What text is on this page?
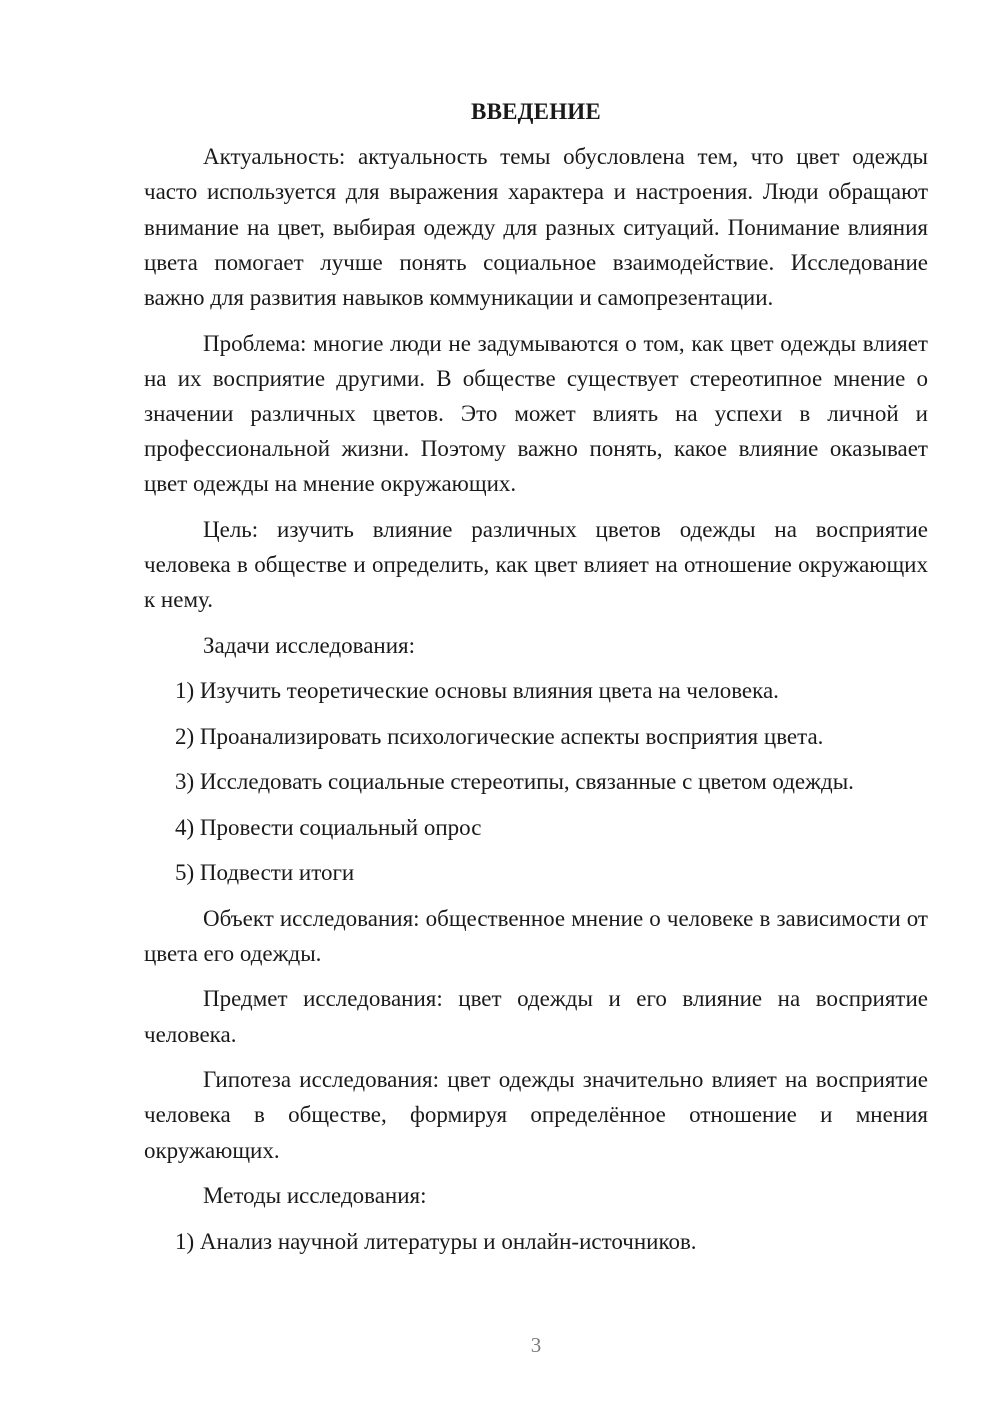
ВВЕДЕНИЕ

Актуальность: актуальность темы обусловлена тем, что цвет одежды часто используется для выражения характера и настроения. Люди обращают внимание на цвет, выбирая одежду для разных ситуаций. Понимание влияния цвета помогает лучше понять социальное взаимодействие. Исследование важно для развития навыков коммуникации и самопрезентации.

Проблема: многие люди не задумываются о том, как цвет одежды влияет на их восприятие другими. В обществе существует стереотипное мнение о значении различных цветов. Это может влиять на успехи в личной и профессиональной жизни. Поэтому важно понять, какое влияние оказывает цвет одежды на мнение окружающих.

Цель: изучить влияние различных цветов одежды на восприятие человека в обществе и определить, как цвет влияет на отношение окружающих к нему.

Задачи исследования:

1) Изучить теоретические основы влияния цвета на человека.

2) Проанализировать психологические аспекты восприятия цвета.

3) Исследовать социальные стереотипы, связанные с цветом одежды.

4) Провести социальный опрос

5) Подвести итоги

Объект исследования: общественное мнение о человеке в зависимости от цвета его одежды.

Предмет исследования: цвет одежды и его влияние на восприятие человека.

Гипотеза исследования: цвет одежды значительно влияет на восприятие человека в обществе, формируя определённое отношение и мнения окружающих.

Методы исследования:

1) Анализ научной литературы и онлайн-источников.

3
